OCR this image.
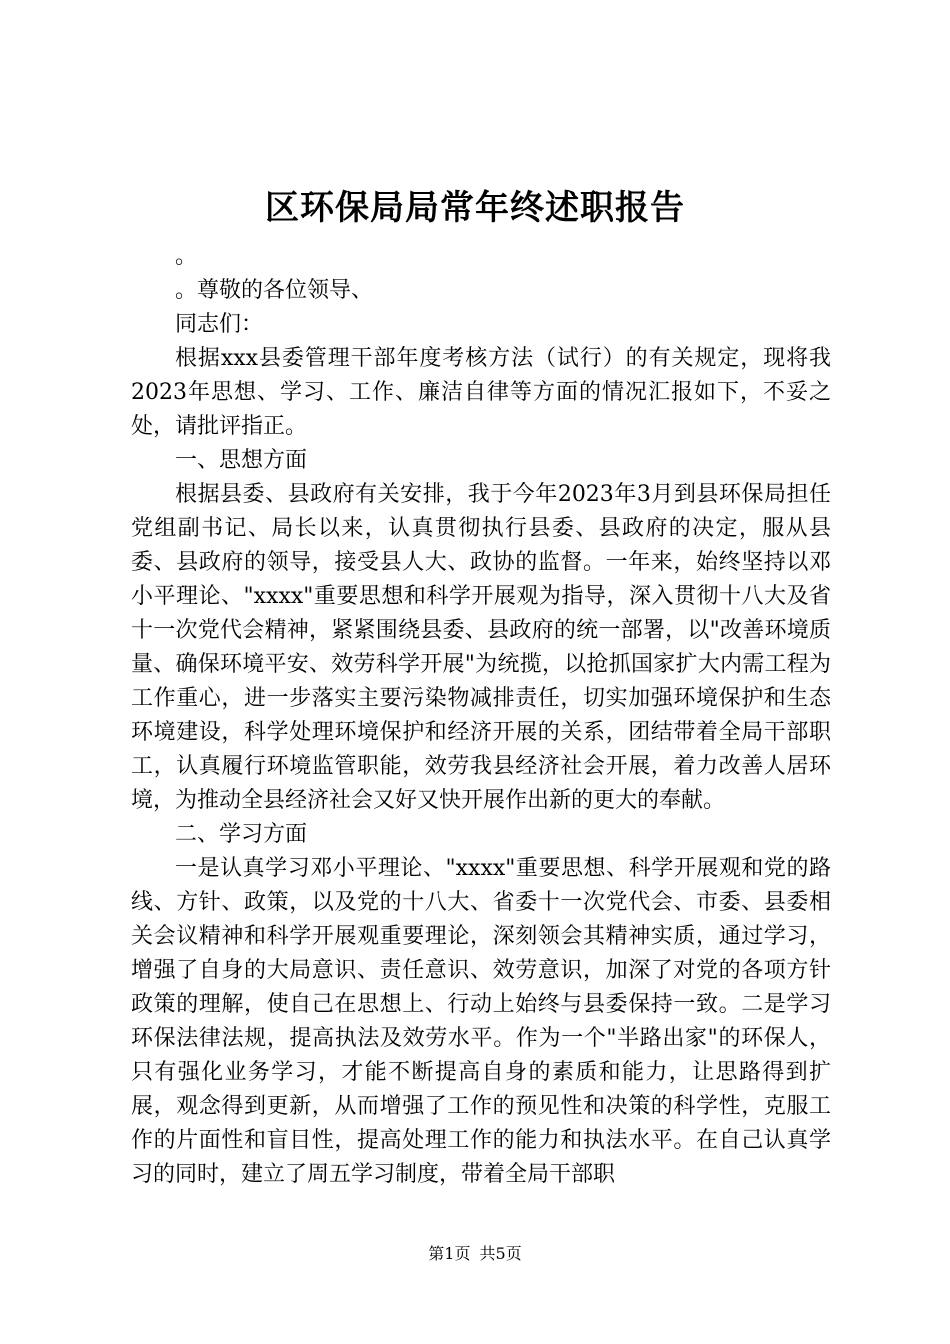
区环保局局常年终述职报告

。

。尊敬的各位领导、

同志们：

根据xxx县委管理干部年度考核方法（试行）的有关规定，现将我2023年思想、学习、工作、廉洁自律等方面的情况汇报如下，不妥之处，请批评指正。

一、思想方面

根据县委、县政府有关安排，我于今年2023年3月到县环保局担任党组副书记、局长以来，认真贯彻执行县委、县政府的决定，服从县委、县政府的领导，接受县人大、政协的监督。一年来，始终坚持以邓小平理论、"xxxx"重要思想和科学开展观为指导，深入贯彻十八大及省十一次党代会精神，紧紧围绕县委、县政府的统一部署，以"改善环境质量、确保环境平安、效劳科学开展"为统揽，以抢抓国家扩大内需工程为工作重心，进一步落实主要污染物减排责任，切实加强环境保护和生态环境建设，科学处理环境保护和经济开展的关系，团结带着全局干部职工，认真履行环境监管职能，效劳我县经济社会开展，着力改善人居环境，为推动全县经济社会又好又快开展作出新的更大的奉献。

二、学习方面

一是认真学习邓小平理论、"xxxx"重要思想、科学开展观和党的路线、方针、政策，以及党的十八大、省委十一次党代会、市委、县委相关会议精神和科学开展观重要理论，深刻领会其精神实质，通过学习，增强了自身的大局意识、责任意识、效劳意识，加深了对党的各项方针政策的理解，使自己在思想上、行动上始终与县委保持一致。二是学习环保法律法规，提高执法及效劳水平。作为一个"半路出家"的环保人，只有强化业务学习，才能不断提高自身的素质和能力，让思路得到扩展，观念得到更新，从而增强了工作的预见性和决策的科学性，克服工作的片面性和盲目性，提高处理工作的能力和执法水平。在自己认真学习的同时，建立了周五学习制度，带着全局干部职

第1页 共5页
